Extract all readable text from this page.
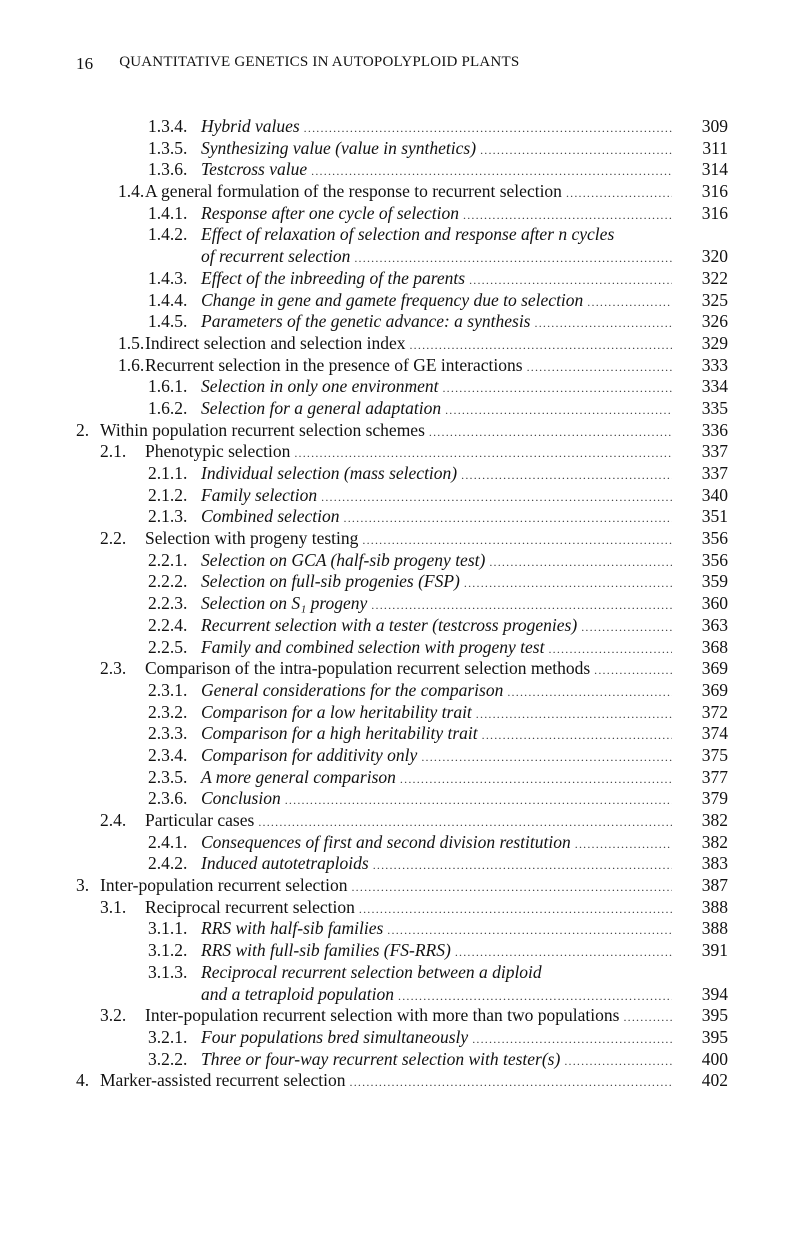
16 QUANTITATIVE GENETICS IN AUTOPOLYPLOID PLANTS
1.3.4. Hybrid values .....	309
1.3.5. Synthesizing value (value in synthetics) .....	311
1.3.6. Testcross value .....	314
1.4. A general formulation of the response to recurrent selection .....	316
1.4.1. Response after one cycle of selection .....	316
1.4.2. Effect of relaxation of selection and response after n cycles
of recurrent selection .....	320
1.4.3. Effect of the inbreeding of the parents .....	322
1.4.4. Change in gene and gamete frequency due to selection .....	325
1.4.5. Parameters of the genetic advance: a synthesis .....	326
1.5. Indirect selection and selection index .....	329
1.6. Recurrent selection in the presence of GE interactions .....	333
1.6.1. Selection in only one environment .....	334
1.6.2. Selection for a general adaptation .....	335
2. Within population recurrent selection schemes .....	336
2.1. Phenotypic selection .....	337
2.1.1. Individual selection (mass selection) .....	337
2.1.2. Family selection .....	340
2.1.3. Combined selection .....	351
2.2. Selection with progeny testing .....	356
2.2.1. Selection on GCA (half-sib progeny test) .....	356
2.2.2. Selection on full-sib progenies (FSP) .....	359
2.2.3. Selection on S₁ progeny .....	360
2.2.4. Recurrent selection with a tester (testcross progenies) .....	363
2.2.5. Family and combined selection with progeny test .....	368
2.3. Comparison of the intra-population recurrent selection methods .....	369
2.3.1. General considerations for the comparison .....	369
2.3.2. Comparison for a low heritability trait .....	372
2.3.3. Comparison for a high heritability trait .....	374
2.3.4. Comparison for additivity only .....	375
2.3.5. A more general comparison .....	377
2.3.6. Conclusion .....	379
2.4. Particular cases .....	382
2.4.1. Consequences of first and second division restitution .....	382
2.4.2. Induced autotetraploids .....	383
3. Inter-population recurrent selection .....	387
3.1. Reciprocal recurrent selection .....	388
3.1.1. RRS with half-sib families .....	388
3.1.2. RRS with full-sib families (FS-RRS) .....	391
3.1.3. Reciprocal recurrent selection between a diploid
and a tetraploid population .....	394
3.2. Inter-population recurrent selection with more than two populations .....	395
3.2.1. Four populations bred simultaneously .....	395
3.2.2. Three or four-way recurrent selection with tester(s) .....	400
4. Marker-assisted recurrent selection .....	402
